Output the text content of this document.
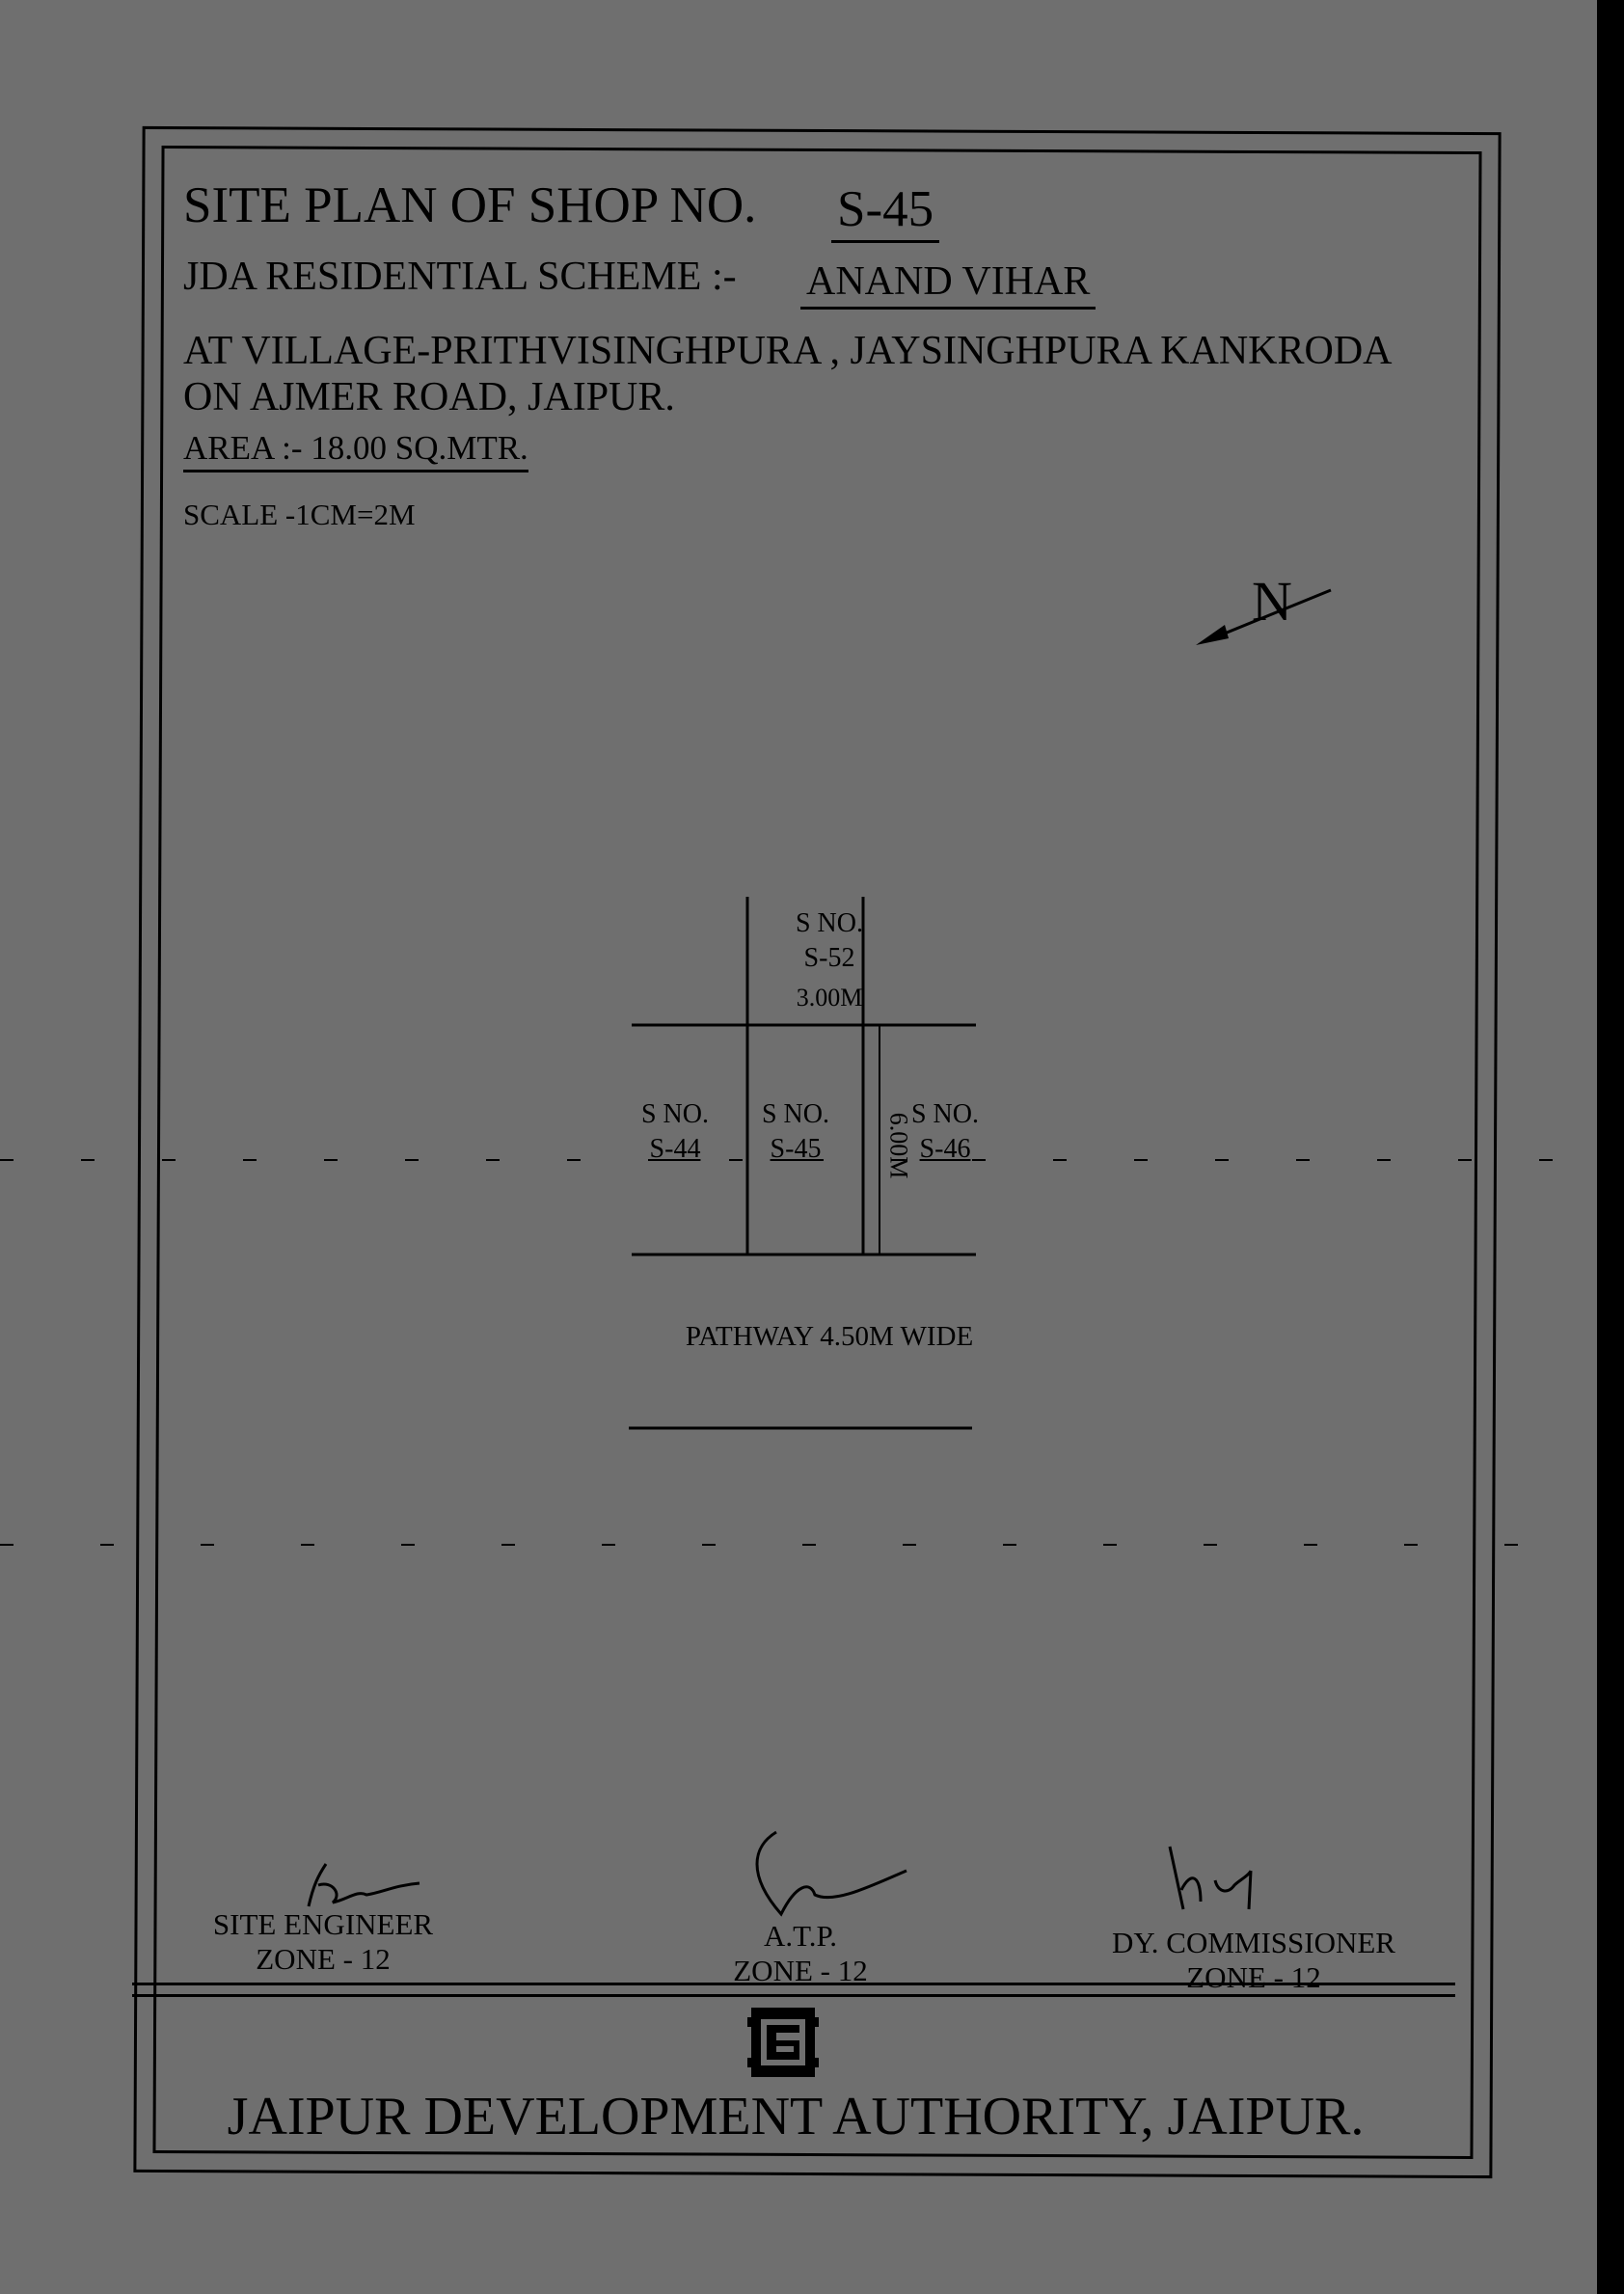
SITE PLAN OF SHOP NO. S-45
JDA RESIDENTIAL SCHEME :- ANAND VIHAR
AT VILLAGE-PRITHVISINGHPURA , JAYSINGHPURA KANKRODA
ON AJMER ROAD, JAIPUR.
AREA :- 18.00 SQ.MTR.
SCALE -1CM=2M
N
S NO.
S-52
3.00M
S NO.
S-44
S NO.
S-45	6.00M
S NO.
S-46
PATHWAY 4.50M WIDE
SITE ENGINEER
ZONE - 12
A.T.P.
ZONE - 12
DY. COMMISSIONER
ZONE - 12
JAIPUR DEVELOPMENT AUTHORITY, JAIPUR.
